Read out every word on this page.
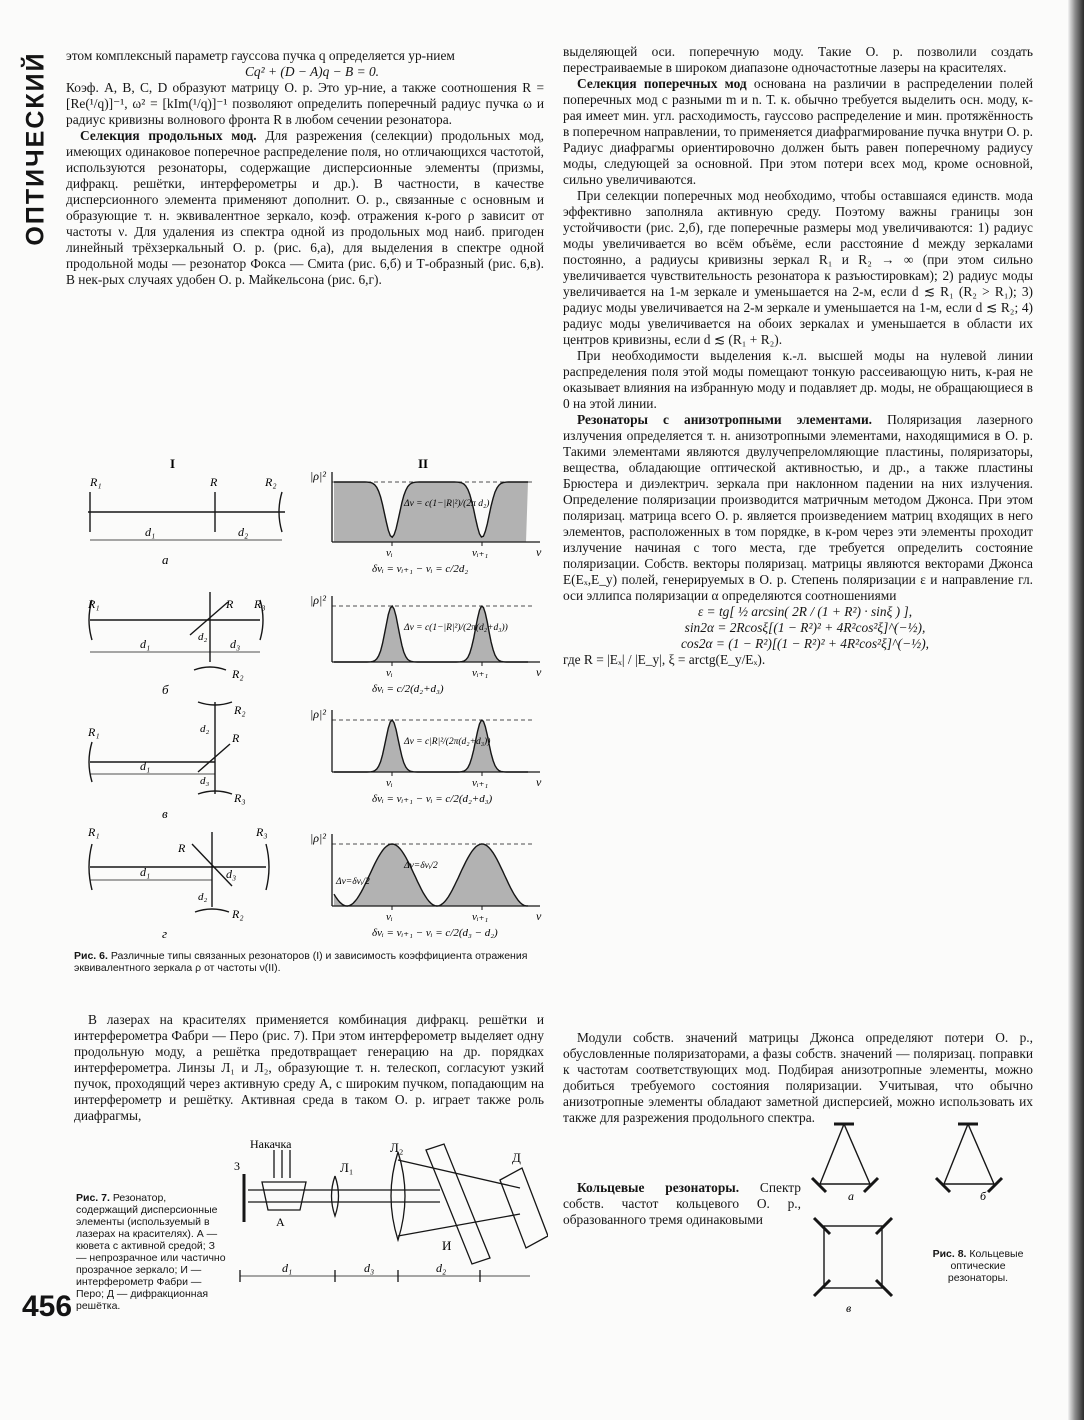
ОПТИЧЕСКИЙ
456

этом комплексный параметр гауссова пучка q определяется ур-нием

Cq² + (D − A)q − B = 0.

Коэф. A, B, C, D образуют матрицу О. р. Это ур-ние, а также соотношения R = [Re(¹/q)]⁻¹, ω² = [kIm(¹/q)]⁻¹ позволяют определить поперечный радиус пучка ω и радиус кривизны волнового фронта R в любом сечении резонатора.

Селекция продольных мод. Для разрежения (селекции) продольных мод, имеющих одинаковое поперечное распределение поля, но отличающихся частотой, используются резонаторы, содержащие дисперсионные элементы (призмы, дифракц. решётки, интерферометры и др.). В частности, в качестве дисперсионного элемента применяют дополнит. О. р., связанные с основным и образующие т. н. эквивалентное зеркало, коэф. отражения к-рого ρ зависит от частоты ν. Для удаления из спектра одной из продольных мод наиб. пригоден линейный трёхзеркальный О. р. (рис. 6,а), для выделения в спектре одной продольной моды — резонатор Фокса — Смита (рис. 6,б) и Т-образный (рис. 6,в). В нек-рых случаях удобен О. р. Майкельсона (рис. 6,г).

I
R₁	R	R₂
d₁	d₂
а
R₁	R R₃
d₁	d₃
d₂
R₂
б
R₂
R₁	R
d₁
d₂
d₃
R₃
в
R₁
R
R₃
d₁	d₃
d₂
R₂
г
II
|ρ|²
ν
νᵢ	νᵢ₊₁
Δν = c(1−|R|²)/(2π d₂)
δνᵢ = νᵢ₊₁ − νᵢ = c/2d₂
|ρ|²
ν
νᵢ	νᵢ₊₁
Δν = c(1−|R|²)/(2π(d₂+d₃))
δνᵢ = c/2(d₂+d₃)
|ρ|²
ν
νᵢ	νᵢ₊₁
Δν = c|R|²/(2π(d₂+d₃))
δνᵢ = νᵢ₊₁ − νᵢ = c/2(d₂+d₃)
|ρ|²
ν
νᵢ	νᵢ₊₁
Δν=δνᵢ/2
Δν=δνᵢ/2
δνᵢ = νᵢ₊₁ − νᵢ = c/2(d₃ − d₂)
Рис. 6. Различные типы связанных резонаторов (I) и зависимость коэффициента отражения эквивалентного зеркала ρ от частоты ν(II).

В лазерах на красителях применяется комбинация дифракц. решётки и интерферометра Фабри — Перо (рис. 7). При этом интерферометр выделяет одну продольную моду, а решётка предотвращает генерацию на др. порядках интерферометра. Линзы Л₁ и Л₂, образующие т. н. телескоп, согласуют узкий пучок, проходящий через активную среду А, с широким пучком, попадающим на интерферометр и решётку. Активная среда в таком О. р. играет также роль диафрагмы,

Накачка
3
А
Л₁
Л₂
Д
И
d₁	d₃	d₂
Рис. 7. Резонатор, содержащий дисперсионные элементы (используемый в лазерах на красителях). А — кювета с активной средой; З — непрозрачное или частично прозрачное зеркало; И — интерферометр Фабри — Перо; Д — дифракционная решётка.

выделяющей оси. поперечную моду. Такие О. р. позволили создать перестраиваемые в широком диапазоне одночастотные лазеры на красителях.

Селекция поперечных мод основана на различии в распределении полей поперечных мод с разными m и n. Т. к. обычно требуется выделить осн. моду, к-рая имеет мин. угл. расходимость, гауссово распределение и мин. протяжённость в поперечном направлении, то применяется диафрагмирование пучка внутри О. р. Радиус диафрагмы ориентировочно должен быть равен поперечному радиусу моды, следующей за основной. При этом потери всех мод, кроме основной, сильно увеличиваются.

При селекции поперечных мод необходимо, чтобы оставшаяся единств. мода эффективно заполняла активную среду. Поэтому важны границы зон устойчивости (рис. 2,б), где поперечные размеры мод увеличиваются: 1) радиус моды увеличивается во всём объёме, если расстояние d между зеркалами постоянно, а радиусы кривизны зеркал R₁ и R₂ → ∞ (при этом сильно увеличивается чувствительность резонатора к разъюстировкам); 2) радиус моды увеличивается на 1-м зеркале и уменьшается на 2-м, если d ≲ R₁ (R₂ > R₁); 3) радиус моды увеличивается на 2-м зеркале и уменьшается на 1-м, если d ≲ R₂; 4) радиус моды увеличивается на обоих зеркалах и уменьшается в области их центров кривизны, если d ≲ (R₁ + R₂).

При необходимости выделения к.-л. высшей моды на нулевой линии распределения поля этой моды помещают тонкую рассеивающую нить, к-рая не оказывает влияния на избранную моду и подавляет др. моды, не обращающиеся в 0 на этой линии.

Резонаторы с анизотропными элементами. Поляризация лазерного излучения определяется т. н. анизотропными элементами, находящимися в О. р. Такими элементами являются двулучепреломляющие пластины, поляризаторы, вещества, обладающие оптической активностью, и др., а также пластины Брюстера и диэлектрич. зеркала при наклонном падении на них излучения. Определение поляризации производится матричным методом Джонса. При этом поляризац. матрица всего О. р. является произведением матриц входящих в него элементов, расположенных в том порядке, в к-ром через эти элементы проходит излучение начиная с того места, где требуется определить состояние поляризации. Собств. векторы поляризац. матрицы являются векторами Джонса E(Eₓ,E_y) полей, генерируемых в О. р. Степень поляризации ε и направление гл. оси эллипса поляризации α определяются соотношениями

ε = tg[ ½ arcsin( 2R / (1 + R²) · sinξ ) ],

sin2α = 2Rcosξ[(1 − R²)² + 4R²cos²ξ]^(−½),

cos2α = (1 − R²)[(1 − R²)² + 4R²cos²ξ]^(−½),

где R = |Eₓ| / |E_y|, ξ = arctg(E_y/Eₓ).

Модули собств. значений матрицы Джонса определяют потери О. р., обусловленные поляризаторами, а фазы собств. значений — поляризац. поправки к частотам соответствующих мод. Подбирая анизотропные элементы, можно добиться требуемого состояния поляризации. Учитывая, что обычно анизотропные элементы обладают заметной дисперсией, можно использовать их также для разрежения продольного спектра.

Кольцевые резонаторы. Спектр собств. частот кольцевого О. р., образованного тремя одинаковыми

а	б
в
Рис. 8. Кольцевые оптические резонаторы.
